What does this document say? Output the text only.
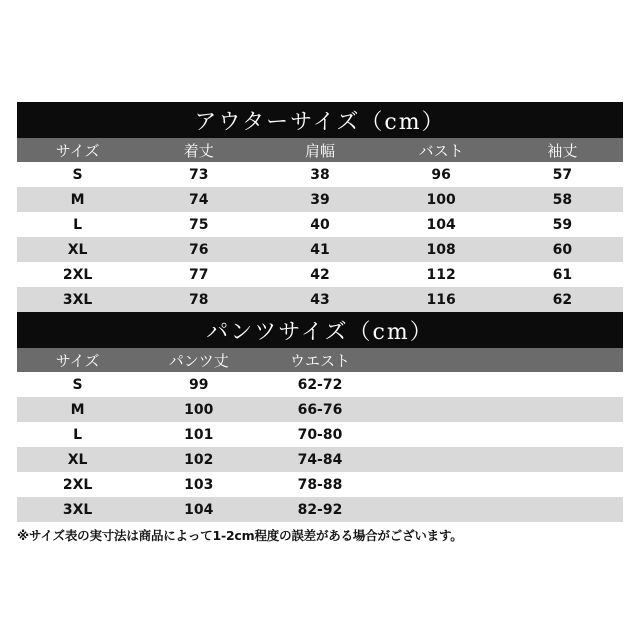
アウターサイズ（cm）
サイズ	着丈	肩幅	バスト	袖丈
S	73	38	96	57
M	74	39	100	58
L	75	40	104	59
XL	76	41	108	60
2XL	77	42	112	61
3XL	78	43	116	62
パンツサイズ（cm）
サイズ	パンツ丈	ウエスト
S	99	62-72
M	100	66-76
L	101	70-80
XL	102	74-84
2XL	103	78-88
3XL	104	82-92
※サイズ表の実寸法は商品によって1-2cm程度の誤差がある場合がございます。
